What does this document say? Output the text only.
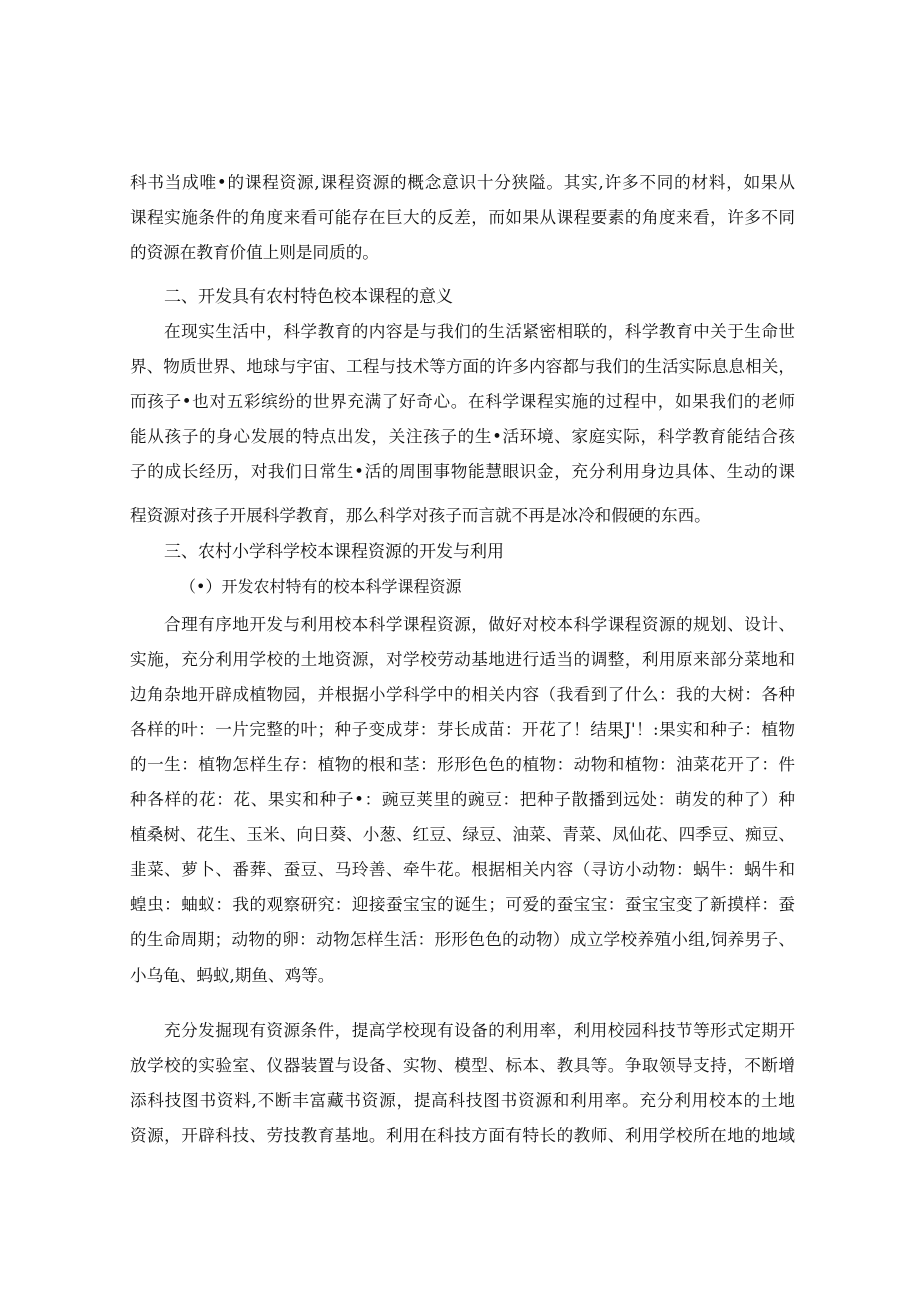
科书当成唯•的课程资源,课程资源的概念意识十分狭隘。其实,许多不同的材料，如果从
课程实施条件的角度来看可能存在巨大的反差，而如果从课程要素的角度来看，许多不同
的资源在教育价值上则是同质的。
二、开发具有农村特色校本课程的意义
在现实生活中，科学教育的内容是与我们的生活紧密相联的，科学教育中关于生命世
界、物质世界、地球与宇宙、工程与技术等方面的许多内容都与我们的生活实际息息相关，
而孩子•也对五彩缤纷的世界充满了好奇心。在科学课程实施的过程中，如果我们的老师
能从孩子的身心发展的特点出发，关注孩子的生•活环境、家庭实际，科学教育能结合孩
子的成长经历，对我们日常生•活的周围事物能慧眼识金，充分利用身边具体、生动的课
程资源对孩子开展科学教育，那么科学对孩子而言就不再是冰冷和假硬的东西。
三、农村小学科学校本课程资源的开发与利用
（•）开发农村特有的校本科学课程资源
合理有序地开发与利用校本科学课程资源，做好对校本科学课程资源的规划、设计、
实施，充分利用学校的土地资源，对学校劳动基地进行适当的调整，利用原来部分菜地和
边角杂地开辟成植物园，并根据小学科学中的相关内容（我看到了什么：我的大树：各种
各样的叶：一片完整的叶；种子变成芽：芽长成苗：开花了！结果J'！:果实和种子：植物
的一生：植物怎样生存：植物的根和茎：形形色色的植物：动物和植物：油菜花开了：件
种各样的花：花、果实和种子•：豌豆荚里的豌豆：把种子散播到远处：萌发的种了）种
植桑树、花生、玉米、向日葵、小葱、红豆、绿豆、油菜、青菜、凤仙花、四季豆、痴豆、
韭菜、萝卜、番葬、蚕豆、马玲善、牵牛花。根据相关内容（寻访小动物：蜗牛：蜗牛和
蝗虫：蚰蚁：我的观察研究：迎接蚕宝宝的诞生；可爱的蚕宝宝：蚕宝宝变了新摸样：蚕
的生命周期；动物的卵：动物怎样生活：形形色色的动物）成立学校养殖小组,饲养男子、
小乌龟、蚂蚁,期鱼、鸡等。
充分发掘现有资源条件，提高学校现有设备的利用率，利用校园科技节等形式定期开
放学校的实验室、仪器装置与设备、实物、模型、标本、教具等。争取领导支持，不断增
添科技图书资料,不断丰富藏书资源，提高科技图书资源和利用率。充分利用校本的土地
资源，开辟科技、劳技教育基地。利用在科技方面有特长的教师、利用学校所在地的地域
